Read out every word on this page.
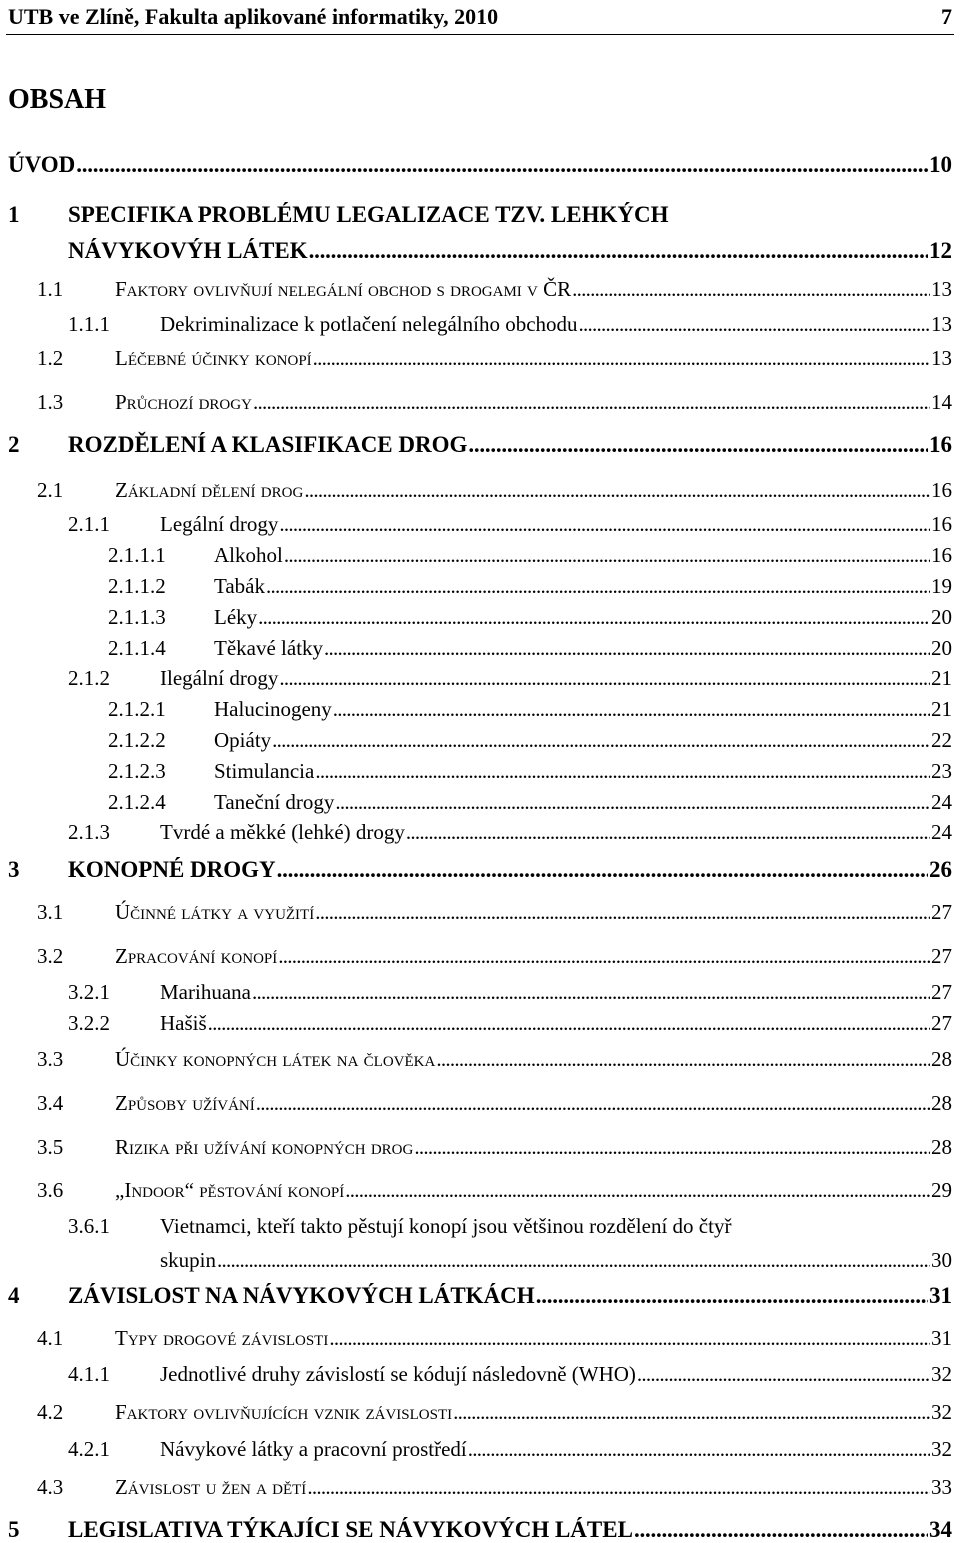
UTB ve Zlíně, Fakulta aplikované informatiky, 2010	7
OBSAH
ÚVOD . . .	10
1 SPECIFIKA PROBLÉMU LEGALIZACE TZV. LEHKÝCH
NÁVYKOVÝH LÁTEK . . .	12
1.1 Faktory ovlivňují nelegální obchod s drogami v ČR . . .	13
1.1.1 Dekriminalizace k potlačení nelegálního obchodu . . .	13
1.2 Léčebné účinky konopí . . .	13
1.3 Průchozí drogy . . .	14
2 ROZDĚLENÍ A KLASIFIKACE DROG . . .	16
2.1 Základní dělení drog . . .	16
2.1.1 Legální drogy . . .	16
2.1.1.1 Alkohol . . .	16
2.1.1.2 Tabák . . .	19
2.1.1.3 Léky . . .	20
2.1.1.4 Těkavé látky . . .	20
2.1.2 Ilegální drogy . . .	21
2.1.2.1 Halucinogeny . . .	21
2.1.2.2 Opiáty . . .	22
2.1.2.3 Stimulancia . . .	23
2.1.2.4 Taneční drogy . . .	24
2.1.3 Tvrdé a měkké (lehké) drogy . . .	24
3 KONOPNÉ DROGY . . .	26
3.1 Účinné látky a využití . . .	27
3.2 Zpracování konopí . . .	27
3.2.1 Marihuana . . .	27
3.2.2 Hašiš . . .	27
3.3 Účinky konopných látek na člověka . . .	28
3.4 Způsoby užívání . . .	28
3.5 Rizika při užívání konopných drog . . .	28
3.6 „Indoor“ pěstování konopí . . .	29
3.6.1 Vietnamci, kteří takto pěstují konopí jsou většinou rozdělení do čtyř
skupin . . .	30
4 ZÁVISLOST NA NÁVYKOVÝCH LÁTKÁCH . . .	31
4.1 Typy drogové závislosti . . .	31
4.1.1 Jednotlivé druhy závislostí se kódují následovně (WHO) . . .	32
4.2 Faktory ovlivňujících vznik závislosti . . .	32
4.2.1 Návykové látky a pracovní prostředí . . .	32
4.3 Závislost u žen a dětí . . .	33
5 LEGISLATIVA TÝKAJÍCI SE NÁVYKOVÝCH LÁTEL . . .	34
